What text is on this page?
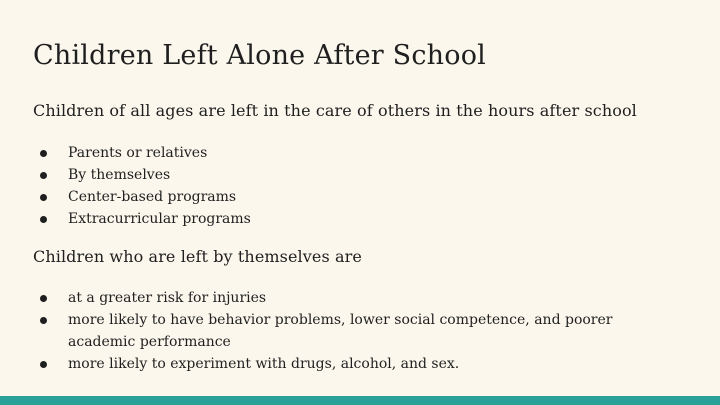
Children Left Alone After School
Children of all ages are left in the care of others in the hours after school
Parents or relatives
By themselves
Center-based programs
Extracurricular programs
Children who are left by themselves are
at a greater risk for injuries
more likely to have behavior problems, lower social competence, and poorer academic performance
more likely to experiment with drugs, alcohol, and sex.
